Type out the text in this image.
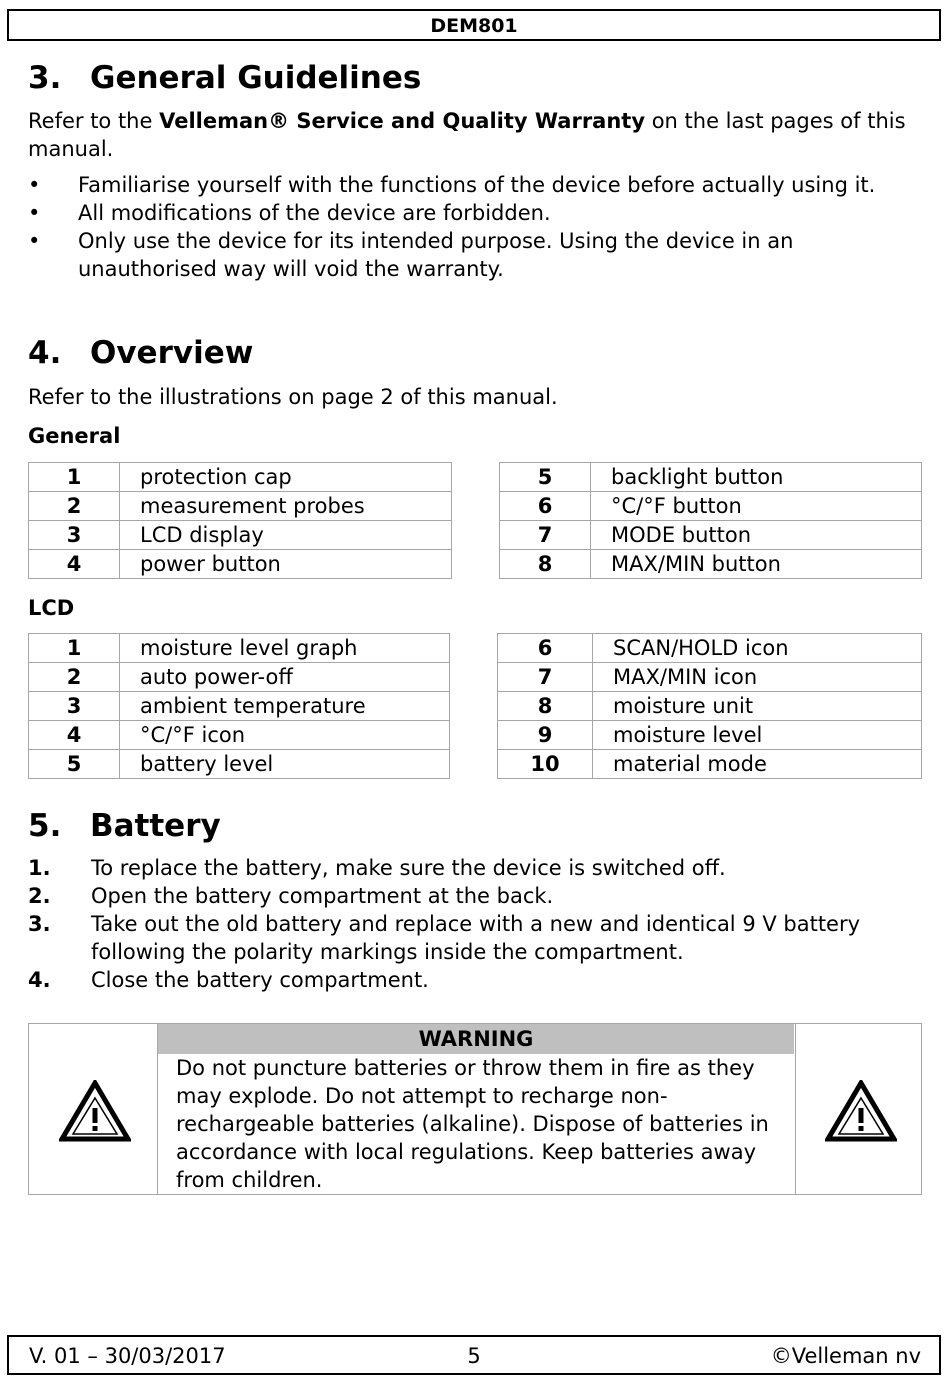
DEM801
3. General Guidelines

Refer to the Velleman® Service and Quality Warranty on the last pages of this manual.

• Familiarise yourself with the functions of the device before actually using it.
• All modifications of the device are forbidden.
• Only use the device for its intended purpose. Using the device in an unauthorised way will void the warranty.
4. Overview

Refer to the illustrations on page 2 of this manual.

General

1	protection cap
2	measurement probes
3	LCD display
4	power button
5	backlight button
6	°C/°F button
7	MODE button
8	MAX/MIN button

LCD

1	moisture level graph
2	auto power-off
3	ambient temperature
4	°C/°F icon
5	battery level
6	SCAN/HOLD icon
7	MAX/MIN icon
8	moisture unit
9	moisture level
10	material mode
5. Battery
1. To replace the battery, make sure the device is switched off.
2. Open the battery compartment at the back.
3. Take out the old battery and replace with a new and identical 9 V battery following the polarity markings inside the compartment.
4. Close the battery compartment.
WARNING
Do not puncture batteries or throw them in fire as they may explode. Do not attempt to recharge non-rechargeable batteries (alkaline). Dispose of batteries in accordance with local regulations. Keep batteries away from children.
5
V. 01 – 30/03/2017	©Velleman nv
